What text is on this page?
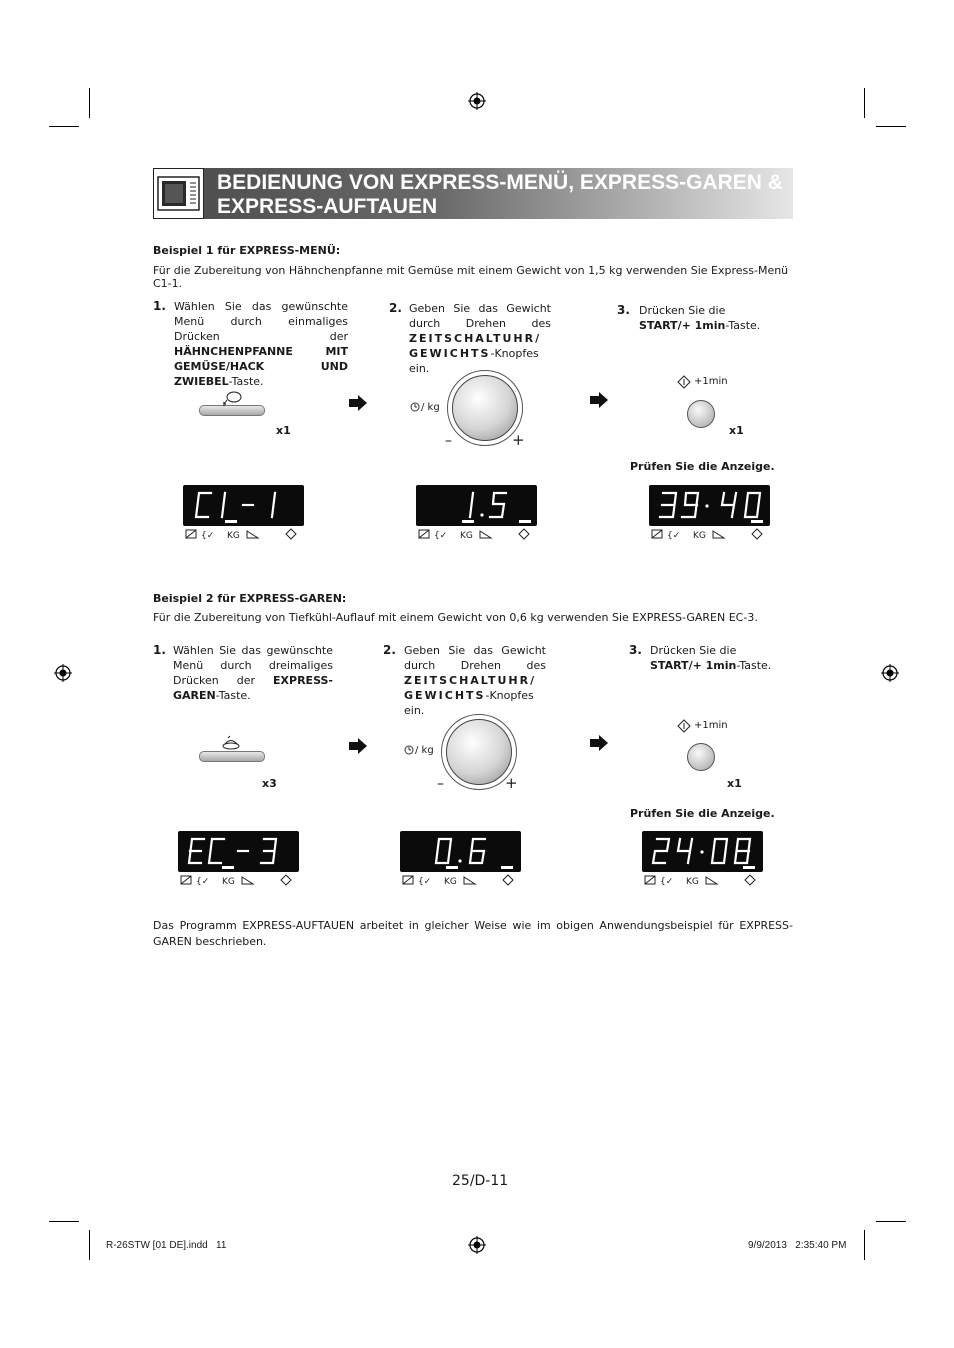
BEDIENUNG VON EXPRESS-MENÜ, EXPRESS-GAREN & EXPRESS-AUFTAUEN
Beispiel 1 für EXPRESS-MENÜ:
Für die Zubereitung von Hähnchenpfanne mit Gemüse mit einem Gewicht von 1,5 kg verwenden Sie Express-Menü C1-1.
1. Wählen Sie das gewünschte Menü durch einmaliges Drücken der HÄHNCHENPFANNE MIT GEMÜSE/HACK UND ZWIEBEL-Taste.
x1
2. Geben Sie das Gewicht durch Drehen des ZEITSCHALTUHR/ GEWICHTS-Knopfes ein.
/ kg
–	+
3. Drücken Sie die
START/+ 1min-Taste.
+1min
x1
Prüfen Sie die Anzeige.
{✓ KG	{✓ KG	{✓ KG
Beispiel 2 für EXPRESS-GAREN:
Für die Zubereitung von Tiefkühl-Auflauf mit einem Gewicht von 0,6 kg verwenden Sie EXPRESS-GAREN EC-3.
1. Wählen Sie das gewünschte Menü durch dreimaliges Drücken der EXPRESS-GAREN-Taste.
x3
2. Geben Sie das Gewicht durch Drehen des ZEITSCHALTUHR/ GEWICHTS-Knopfes ein.
/ kg
–	+
3. Drücken Sie die
START/+ 1min-Taste.
+1min
x1
Prüfen Sie die Anzeige.
{✓ KG	{✓ KG	{✓ KG
Das Programm EXPRESS-AUFTAUEN arbeitet in gleicher Weise wie im obigen Anwendungsbeispiel für EXPRESS-GAREN beschrieben.
25/D-11
R-26STW [01 DE].indd   11	9/9/2013   2:35:40 PM
